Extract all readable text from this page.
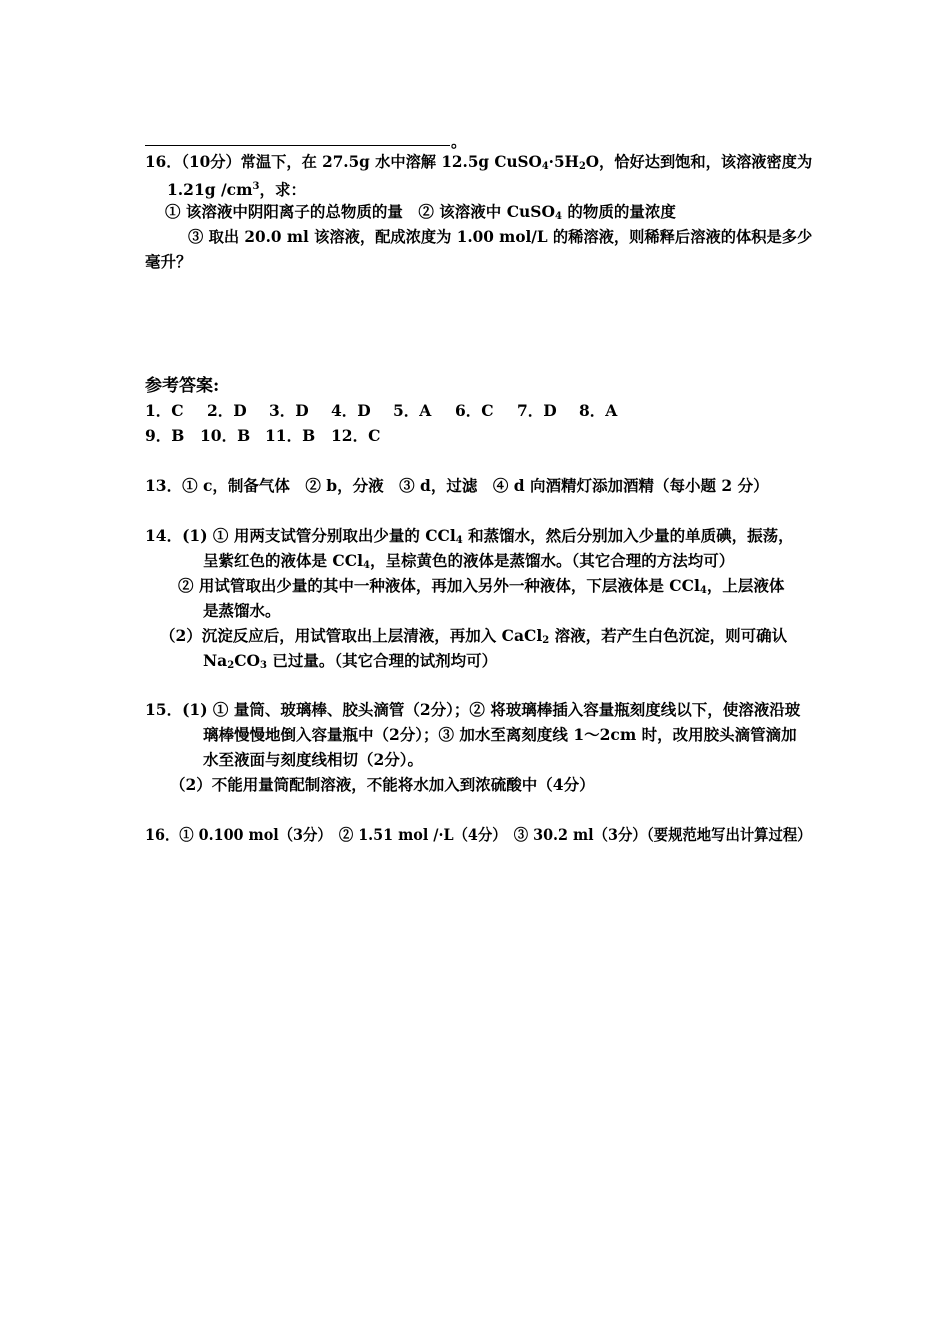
。
16．（10分）常温下，在 27.5g 水中溶解 12.5g $CuSO_4\cdot 5H_2O$，恰好达到饱和，该溶液密度为
1.21g $/cm^3$，求：
① 该溶液中阴阳离子的总物质的量　② 该溶液中 CuSO$_4$ 的物质的量浓度
③ 取出 20.0 ml 该溶液，配成浓度为 1.00 mol/L 的稀溶液，则稀释后溶液的体积是多少
毫升？
参考答案:
1．C 2．D 3．D 4．D 5．A 6．C 7．D 8．A
9．B 10．B 11．B 12．C
13．① c，制备气体　② b，分液　③ d，过滤　④ d 向酒精灯添加酒精（每小题 2 分）
14．(1) ① 用两支试管分别取出少量的 CCl$_4$ 和蒸馏水，然后分别加入少量的单质碘，振荡，
呈紫红色的液体是 CCl$_4$，呈棕黄色的液体是蒸馏水。（其它合理的方法均可）
② 用试管取出少量的其中一种液体，再加入另外一种液体，下层液体是 CCl$_4$，上层液体
是蒸馏水。
（2）沉淀反应后，用试管取出上层清液，再加入 CaCl$_2$ 溶液，若产生白色沉淀，则可确认
$Na_2CO_3$ 已过量。（其它合理的试剂均可）
15．(1) ① 量筒、玻璃棒、胶头滴管（2分）；② 将玻璃棒插入容量瓶刻度线以下，使溶液沿玻
璃棒慢慢地倒入容量瓶中（2分）；③ 加水至离刻度线 1～2cm 时，改用胶头滴管滴加
水至液面与刻度线相切（2分）。
（2）不能用量筒配制溶液，不能将水加入到浓硫酸中（4分）
16．① 0.100 mol（3分）　② 1.51 mol /·L（4分）　③ 30.2 ml（3分）（要规范地写出计算过程）
